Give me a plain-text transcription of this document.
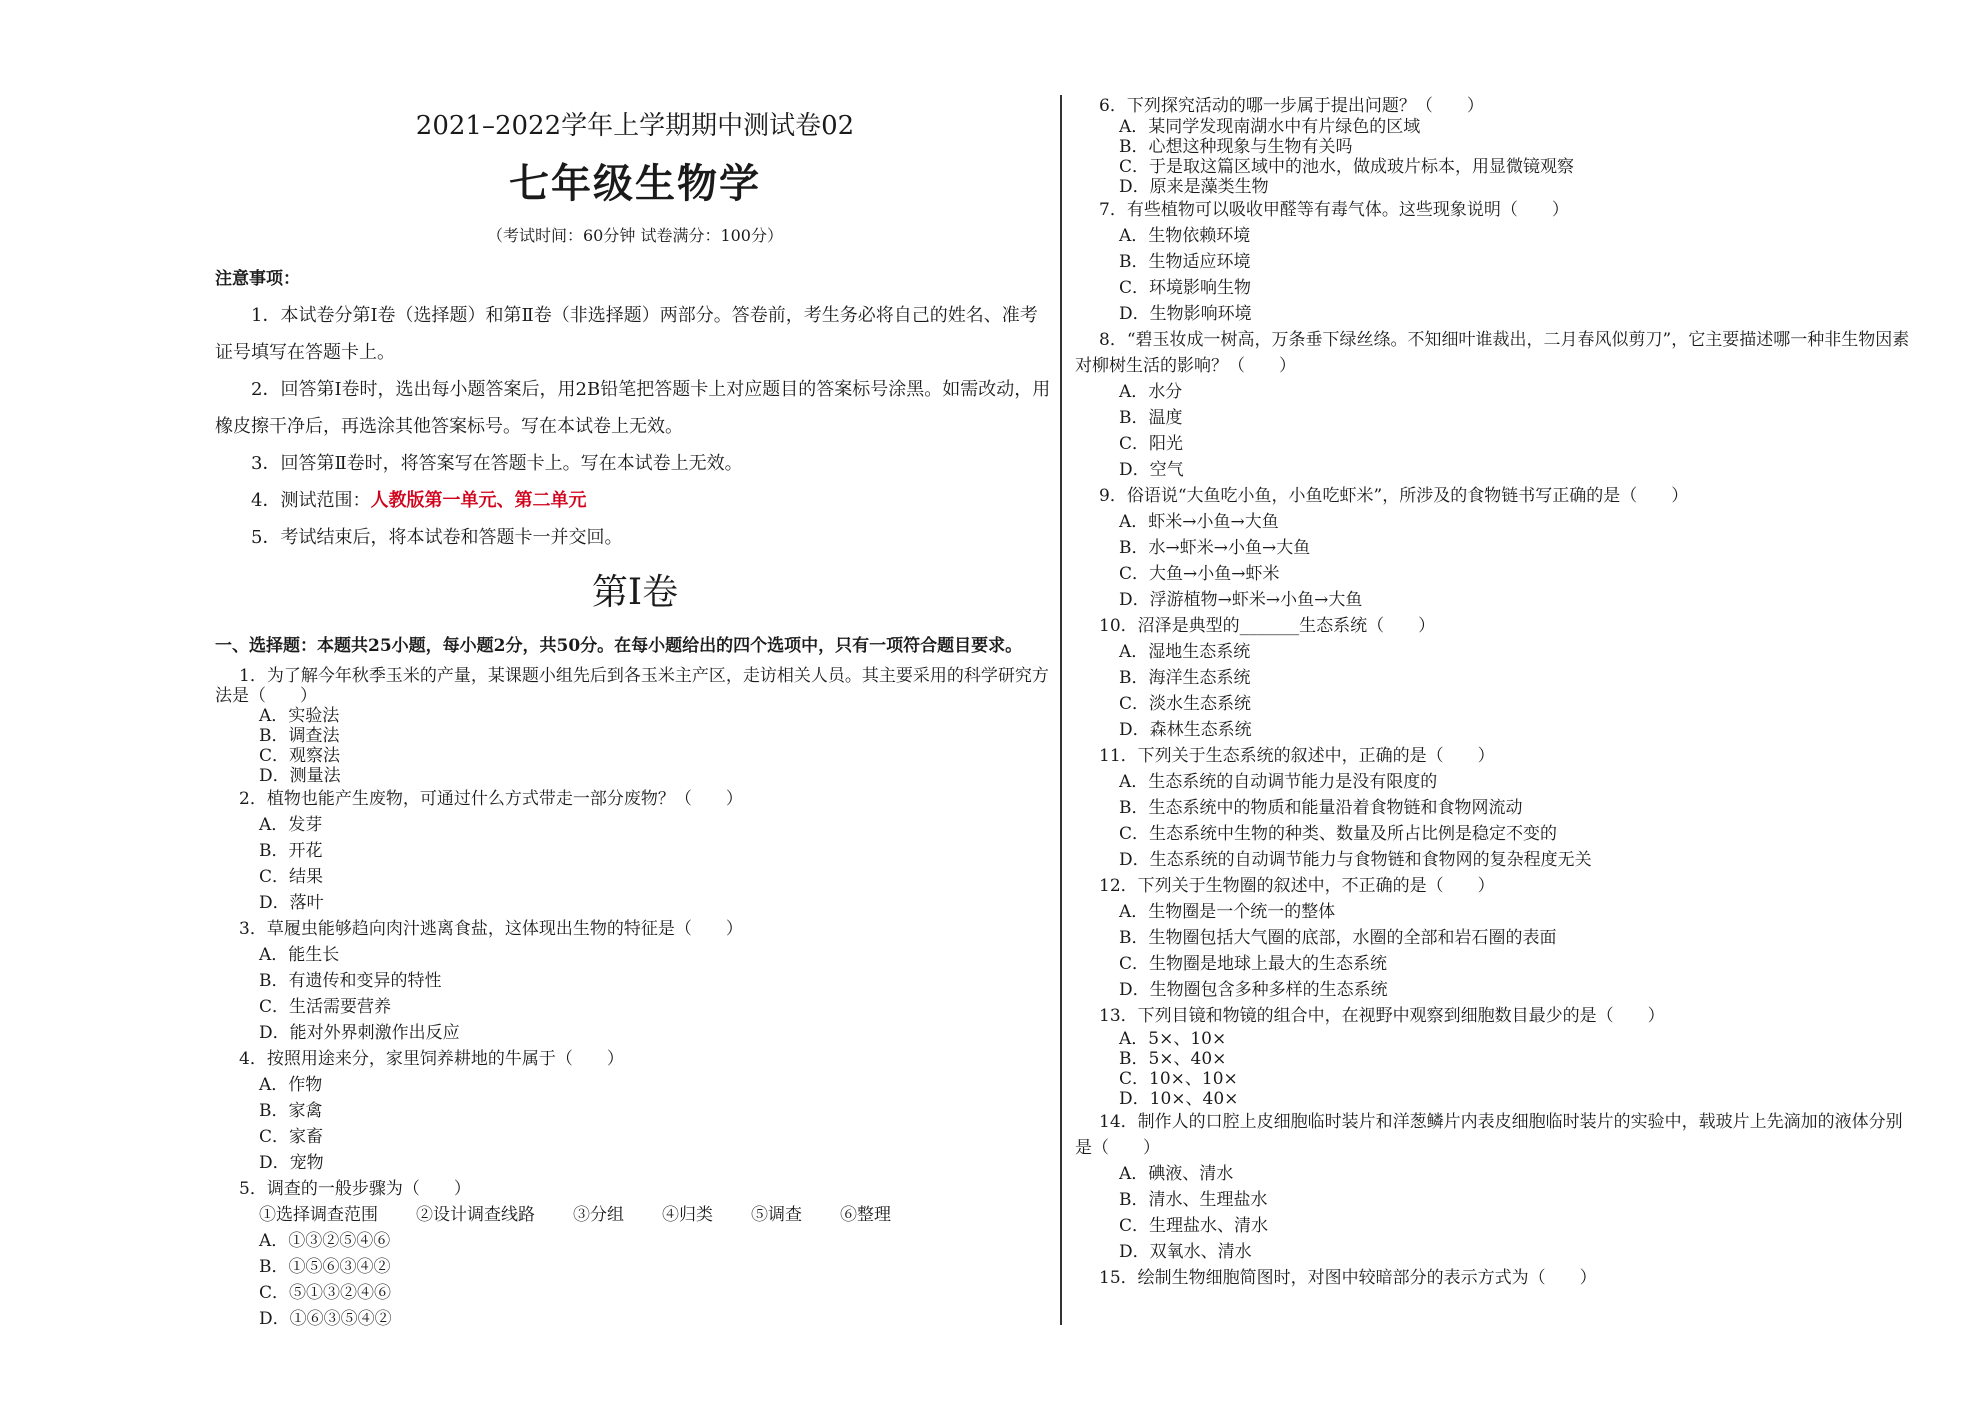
2021–2022学年上学期期中测试卷02
七年级生物学
（考试时间：60分钟 试卷满分：100分）
注意事项：
1．本试卷分第Ⅰ卷（选择题）和第Ⅱ卷（非选择题）两部分。答卷前，考生务必将自己的姓名、准考证号填写在答题卡上。
2．回答第Ⅰ卷时，选出每小题答案后，用2B铅笔把答题卡上对应题目的答案标号涂黑。如需改动，用橡皮擦干净后，再选涂其他答案标号。写在本试卷上无效。
3．回答第Ⅱ卷时，将答案写在答题卡上。写在本试卷上无效。
4．测试范围：人教版第一单元、第二单元
5．考试结束后，将本试卷和答题卡一并交回。
第Ⅰ卷
一、选择题：本题共25小题，每小题2分，共50分。在每小题给出的四个选项中，只有一项符合题目要求。
1．为了解今年秋季玉米的产量，某课题小组先后到各玉米主产区，走访相关人员。其主要采用的科学研究方法是（　　）
A．实验法
B．调查法
C．观察法
D．测量法
2．植物也能产生废物，可通过什么方式带走一部分废物？（　　）
A．发芽
B．开花
C．结果
D．落叶
3．草履虫能够趋向肉汁逃离食盐，这体现出生物的特征是（　　）
A．能生长
B．有遗传和变异的特性
C．生活需要营养
D．能对外界刺激作出反应
4．按照用途来分，家里饲养耕地的牛属于（　　）
A．作物
B．家禽
C．家畜
D．宠物
5．调查的一般步骤为（　　）
①选择调查范围 ②设计调查线路 ③分组 ④归类 ⑤调查 ⑥整理
A．①③②⑤④⑥
B．①⑤⑥③④②
C．⑤①③②④⑥
D．①⑥③⑤④②
6．下列探究活动的哪一步属于提出问题？（　　）
A．某同学发现南湖水中有片绿色的区域
B．心想这种现象与生物有关吗
C．于是取这篇区域中的池水，做成玻片标本，用显微镜观察
D．原来是藻类生物
7．有些植物可以吸收甲醛等有毒气体。这些现象说明（　　）
A．生物依赖环境
B．生物适应环境
C．环境影响生物
D．生物影响环境
8．“碧玉妆成一树高，万条垂下绿丝绦。不知细叶谁裁出，二月春风似剪刀”，它主要描述哪一种非生物因素对柳树生活的影响？（　　）
A．水分
B．温度
C．阳光
D．空气
9．俗语说“大鱼吃小鱼，小鱼吃虾米”，所涉及的食物链书写正确的是（　　）
A．虾米→小鱼→大鱼
B．水→虾米→小鱼→大鱼
C．大鱼→小鱼→虾米
D．浮游植物→虾米→小鱼→大鱼
10．沼泽是典型的_______生态系统（　　）
A．湿地生态系统
B．海洋生态系统
C．淡水生态系统
D．森林生态系统
11．下列关于生态系统的叙述中，正确的是（　　）
A．生态系统的自动调节能力是没有限度的
B．生态系统中的物质和能量沿着食物链和食物网流动
C．生态系统中生物的种类、数量及所占比例是稳定不变的
D．生态系统的自动调节能力与食物链和食物网的复杂程度无关
12．下列关于生物圈的叙述中，不正确的是（　　）
A．生物圈是一个统一的整体
B．生物圈包括大气圈的底部，水圈的全部和岩石圈的表面
C．生物圈是地球上最大的生态系统
D．生物圈包含多种多样的生态系统
13．下列目镜和物镜的组合中，在视野中观察到细胞数目最少的是（　　）
A．5×、10×
B．5×、40×
C．10×、10×
D．10×、40×
14．制作人的口腔上皮细胞临时装片和洋葱鳞片内表皮细胞临时装片的实验中，载玻片上先滴加的液体分别是（　　）
A．碘液、清水
B．清水、生理盐水
C．生理盐水、清水
D．双氧水、清水
15．绘制生物细胞简图时，对图中较暗部分的表示方式为（　　）
